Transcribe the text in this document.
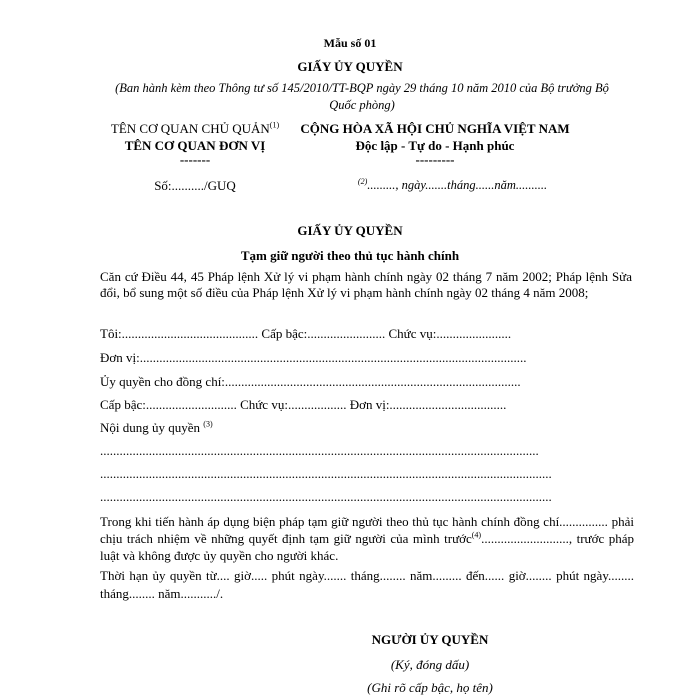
Mẫu số 01
GIẤY ỦY QUYỀN
(Ban hành kèm theo Thông tư số 145/2010/TT-BQP ngày 29 tháng 10 năm 2010 của Bộ trưởng Bộ Quốc phòng)
TÊN CƠ QUAN CHỦ QUẢN$^{(1)}$
TÊN CƠ QUAN ĐƠN VỊ
-------
Số:........../GUQ
CỘNG HÒA XÃ HỘI CHỦ NGHĨA VIỆT NAM
Độc lập - Tự do - Hạnh phúc
---------
$^{(2)}$........., ngày.......tháng......năm..........
GIẤY ỦY QUYỀN
Tạm giữ người theo thủ tục hành chính
Căn cứ Điều 44, 45 Pháp lệnh Xử lý vi phạm hành chính ngày 02 tháng 7 năm 2002; Pháp lệnh Sửa đổi, bổ sung một số điều của Pháp lệnh Xử lý vi phạm hành chính ngày 02 tháng 4 năm 2008;
Tôi:.......................................... Cấp bậc:........................ Chức vụ:.......................
Đơn vị:.......................................................................................................................
Ủy quyền cho đồng chí:...........................................................................................
Cấp bậc:............................ Chức vụ:.................. Đơn vị:....................................
Nội dung ủy quyền $^{(3)}$
.......................................................................................................................................
...........................................................................................................................................
...........................................................................................................................................
Trong khi tiến hành áp dụng biện pháp tạm giữ người theo thủ tục hành chính đồng chí............... phải chịu trách nhiệm về những quyết định tạm giữ người của mình trước$^{(4)}$..........................., trước pháp luật và không được ủy quyền cho người khác.
Thời hạn ủy quyền từ.... giờ..... phút ngày....... tháng........ năm......... đến...... giờ........ phút ngày........ tháng........ năm.........../.
NGƯỜI ỦY QUYỀN
(Ký, đóng dấu)
(Ghi rõ cấp bậc, họ tên)
